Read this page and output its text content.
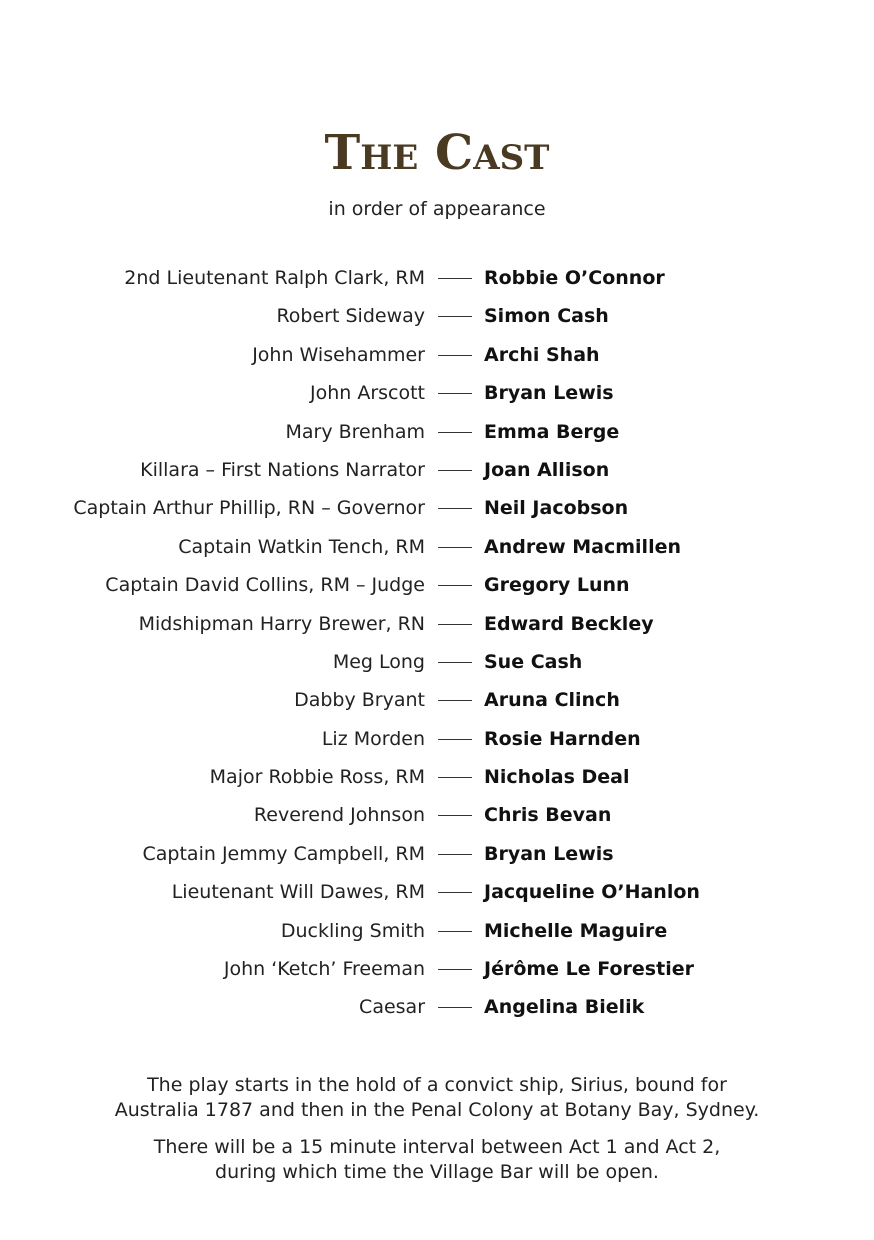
The Cast
in order of appearance
2nd Lieutenant Ralph Clark, RM	Robbie O’Connor
Robert Sideway	Simon Cash
John Wisehammer	Archi Shah
John Arscott	Bryan Lewis
Mary Brenham	Emma Berge
Killara – First Nations Narrator	Joan Allison
Captain Arthur Phillip, RN – Governor	Neil Jacobson
Captain Watkin Tench, RM	Andrew Macmillen
Captain David Collins, RM – Judge	Gregory Lunn
Midshipman Harry Brewer, RN	Edward Beckley
Meg Long	Sue Cash
Dabby Bryant	Aruna Clinch
Liz Morden	Rosie Harnden
Major Robbie Ross, RM	Nicholas Deal
Reverend Johnson	Chris Bevan
Captain Jemmy Campbell, RM	Bryan Lewis
Lieutenant Will Dawes, RM	Jacqueline O’Hanlon
Duckling Smith	Michelle Maguire
John ‘Ketch’ Freeman	Jérôme Le Forestier
Caesar	Angelina Bielik

The play starts in the hold of a convict ship, Sirius, bound for
Australia 1787 and then in the Penal Colony at Botany Bay, Sydney.

There will be a 15 minute interval between Act 1 and Act 2,
during which time the Village Bar will be open.
